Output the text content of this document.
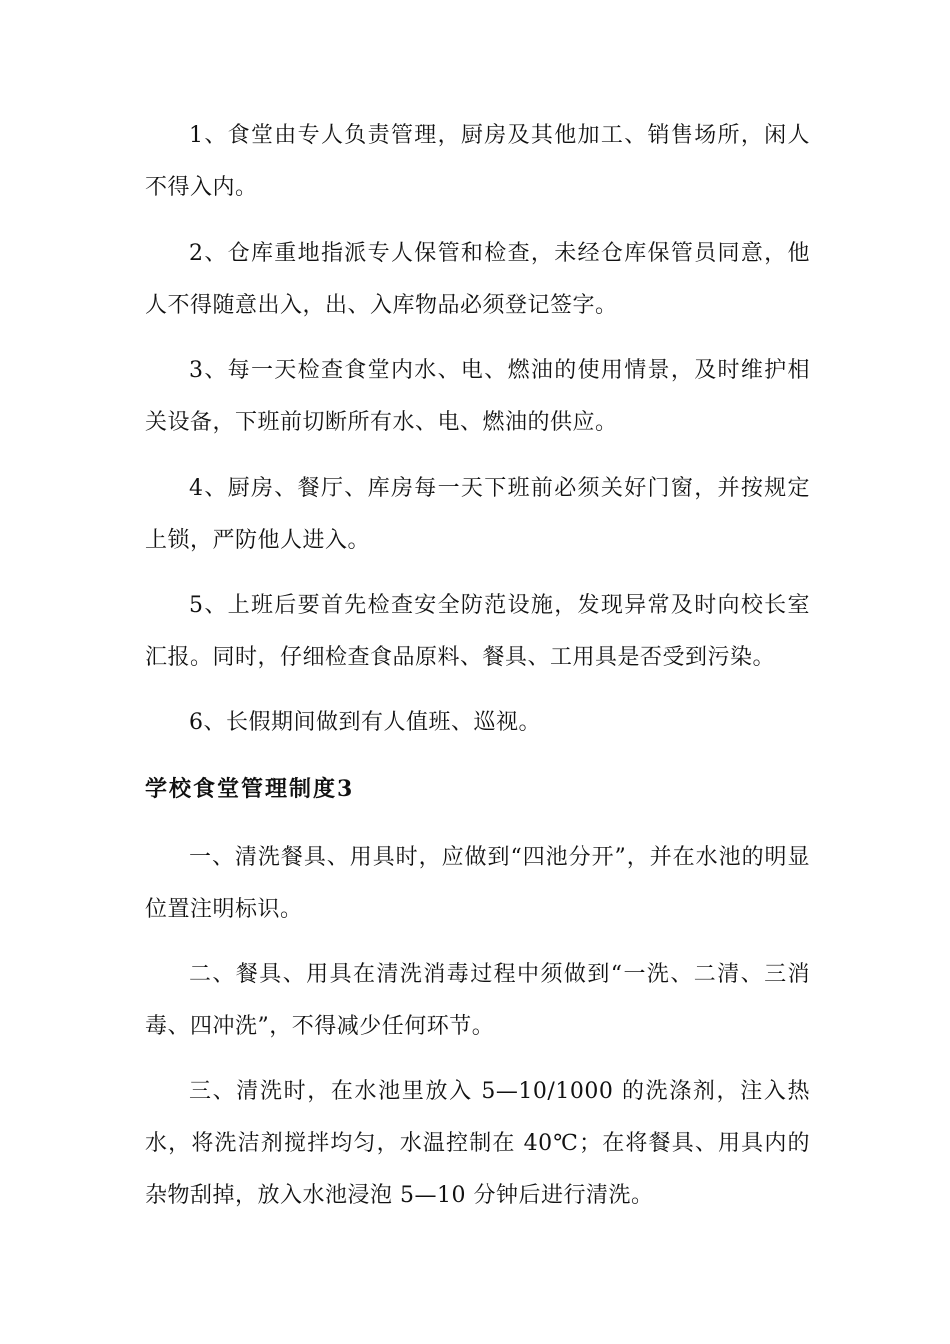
1、食堂由专人负责管理，厨房及其他加工、销售场所，闲人不得入内。

2、仓库重地指派专人保管和检查，未经仓库保管员同意，他人不得随意出入，出、入库物品必须登记签字。

3、每一天检查食堂内水、电、燃油的使用情景，及时维护相关设备，下班前切断所有水、电、燃油的供应。

4、厨房、餐厅、库房每一天下班前必须关好门窗，并按规定上锁，严防他人进入。

5、上班后要首先检查安全防范设施，发现异常及时向校长室汇报。同时，仔细检查食品原料、餐具、工用具是否受到污染。

6、长假期间做到有人值班、巡视。

学校食堂管理制度3

一、清洗餐具、用具时，应做到“四池分开”，并在水池的明显位置注明标识。

二、餐具、用具在清洗消毒过程中须做到“一洗、二清、三消毒、四冲洗”，不得减少任何环节。

三、清洗时，在水池里放入 5—10/1000 的洗涤剂，注入热水，将洗洁剂搅拌均匀，水温控制在 40℃；在将餐具、用具内的杂物刮掉，放入水池浸泡 5—10 分钟后进行清洗。
